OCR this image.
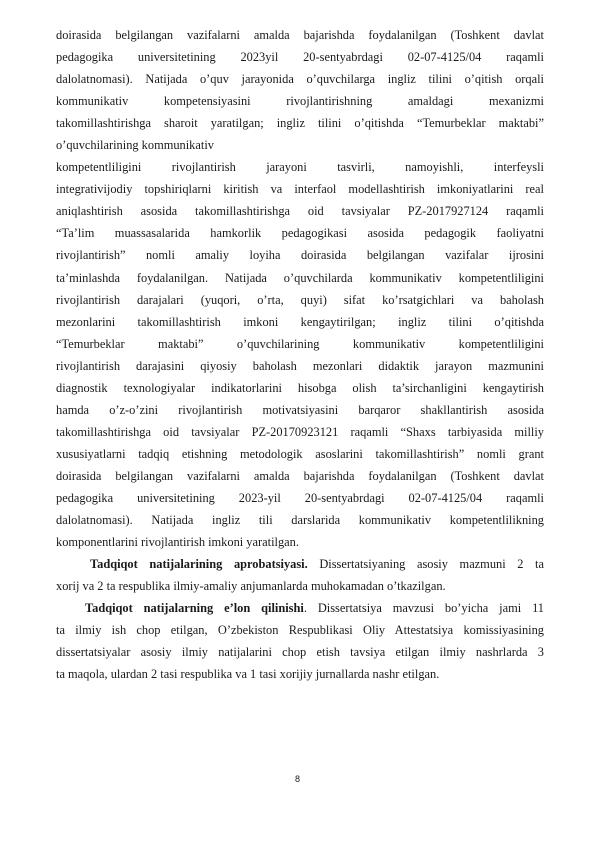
doirasida belgilangan vazifalarni amalda bajarishda foydalanilgan (Toshkent davlat
pedagogika universitetining 2023yil 20-sentyabrdagi 02-07-4125/04 raqamli
dalolatnomasi). Natijada o’quv jarayonida o’quvchilarga ingliz tilini o’qitish orqali
kommunikativ kompetensiyasini rivojlantirishning amaldagi mexanizmi
takomillashtirishga sharoit yaratilgan; ingliz tilini o’qitishda “Temurbeklar maktabi”
o’quvchilarining kommunikativ

kompetentliligini rivojlantirish jarayoni tasvirli, namoyishli, interfeysli
integrativijodiy topshiriqlarni kiritish va interfaol modellashtirish imkoniyatlarini real
aniqlashtirish asosida takomillashtirishga oid tavsiyalar PZ-2017927124 raqamli
“Ta’lim muassasalarida hamkorlik pedagogikasi asosida pedagogik faoliyatni
rivojlantirish” nomli amaliy loyiha doirasida belgilangan vazifalar ijrosini
ta’minlashda foydalanilgan. Natijada o’quvchilarda kommunikativ kompetentliligini
rivojlantirish darajalari (yuqori, o’rta, quyi) sifat ko’rsatgichlari va baholash
mezonlarini takomillashtirish imkoni kengaytirilgan; ingliz tilini o’qitishda
“Temurbeklar maktabi” o’quvchilarining kommunikativ kompetentliligini
rivojlantirish darajasini qiyosiy baholash mezonlari didaktik jarayon mazmunini
diagnostik texnologiyalar indikatorlarini hisobga olish ta’sirchanligini kengaytirish
hamda o’z-o’zini rivojlantirish motivatsiyasini barqaror shakllantirish asosida
takomillashtirishga oid tavsiyalar PZ-20170923121 raqamli “Shaxs tarbiyasida milliy
xususiyatlarni tadqiq etishning metodologik asoslarini takomillashtirish” nomli grant
doirasida belgilangan vazifalarni amalda bajarishda foydalanilgan (Toshkent davlat
pedagogika universitetining 2023-yil 20-sentyabrdagi 02-07-4125/04 raqamli
dalolatnomasi). Natijada ingliz tili darslarida kommunikativ kompetentlilikning
komponentlarini rivojlantirish imkoni yaratilgan.

Tadqiqot natijalarining aprobatsiyasi. Dissertatsiyaning asosiy mazmuni 2 ta
xorij va 2 ta respublika ilmiy-amaliy anjumanlarda muhokamadan o’tkazilgan.

Tadqiqot natijalarning e’lon qilinishi. Dissertatsiya mavzusi bo’yicha jami 11
ta ilmiy ish chop etilgan, O’zbekiston Respublikasi Oliy Attestatsiya komissiyasining
dissertatsiyalar asosiy ilmiy natijalarini chop etish tavsiya etilgan ilmiy nashrlarda 3
ta maqola, ulardan 2 tasi respublika va 1 tasi xorijiy jurnallarda nashr etilgan.

8
